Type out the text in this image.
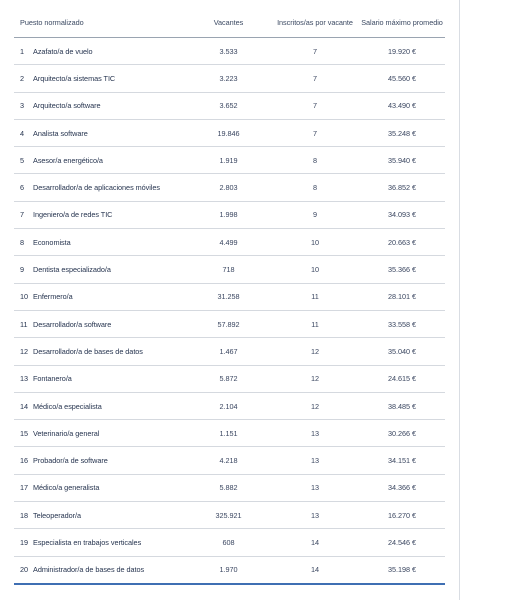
Puesto normalizado	Vacantes	Inscritos/as por vacante	Salario máximo promedio
1 Azafato/a de vuelo	3.533	7	19.920 €
2 Arquitecto/a sistemas TIC	3.223	7	45.560 €
3 Arquitecto/a software	3.652	7	43.490 €
4 Analista software	19.846	7	35.248 €
5 Asesor/a energético/a	1.919	8	35.940 €
6 Desarrollador/a de aplicaciones móviles	2.803	8	36.852 €
7 Ingeniero/a de redes TIC	1.998	9	34.093 €
8 Economista	4.499	10	20.663 €
9 Dentista especializado/a	718	10	35.366 €
10 Enfermero/a	31.258	11	28.101 €
11 Desarrollador/a software	57.892	11	33.558 €
12 Desarrollador/a de bases de datos	1.467	12	35.040 €
13 Fontanero/a	5.872	12	24.615 €
14 Médico/a especialista	2.104	12	38.485 €
15 Veterinario/a general	1.151	13	30.266 €
16 Probador/a de software	4.218	13	34.151 €
17 Médico/a generalista	5.882	13	34.366 €
18 Teleoperador/a	325.921	13	16.270 €
19 Especialista en trabajos verticales	608	14	24.546 €
20 Administrador/a de bases de datos	1.970	14	35.198 €
